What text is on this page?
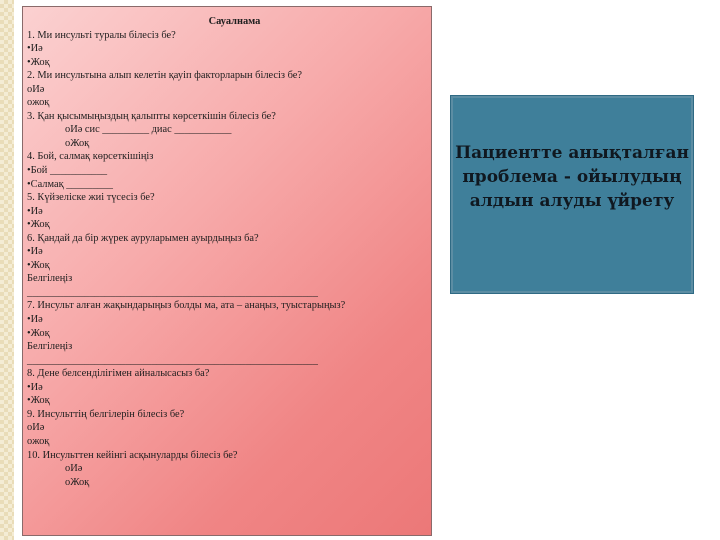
Сауалнама
1. Ми инсульті туралы білесіз бе?
•Иә
•Жоқ
2. Ми инсультына алып келетін қауіп факторларын білесіз бе?
oИә
oжоқ
3. Қан қысымыңыздың қалыпты көрсеткішін білесіз бе?
oИә сис _________ диас ___________
oЖоқ
4. Бой, салмақ көрсеткішіңіз
•Бой ___________
•Салмақ _________
5. Күйзеліске жиі түсесіз бе?
•Иә
•Жоқ
6. Қандай да бір жүрек ауруларымен ауырдыңыз ба?
•Иә
•Жоқ
Белгілеңіз
________________________________________________________
7. Инсульт алған жақындарыңыз болды ма, ата – анаңыз, туыстарыңыз?
•Иә
•Жоқ
Белгілеңіз
________________________________________________________
8. Дене белсенділігімен айналысасыз ба?
•Иә
•Жоқ
9. Инсульттің белгілерін білесіз бе?
oИә
oжоқ
10. Инсульттен кейінгі асқынуларды білесіз бе?
oИә
oЖоқ
Пациентте анықталған проблема - ойылудың алдын алуды үйрету
